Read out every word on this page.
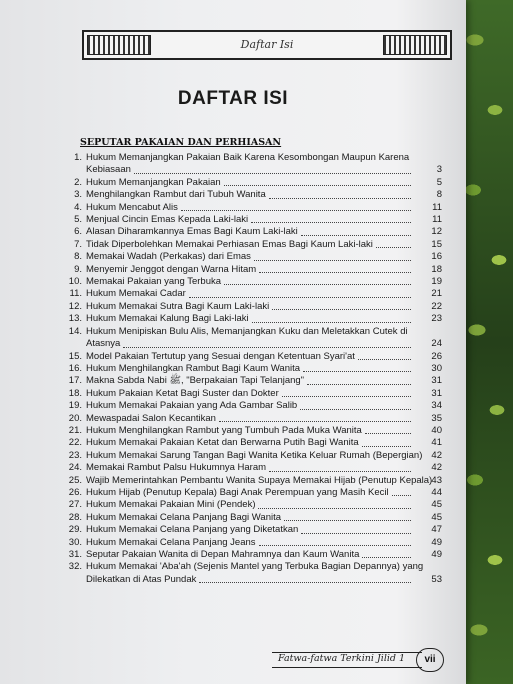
Daftar Isi
DAFTAR ISI
SEPUTAR PAKAIAN DAN PERHIASAN
1. Hukum Memanjangkan Pakaian Baik Karena Kesombongan Maupun Karena
Kebiasaan	3
2. Hukum Memanjangkan Pakaian	5
3. Menghilangkan Rambut dari Tubuh Wanita	8
4. Hukum Mencabut Alis	11
5. Menjual Cincin Emas Kepada Laki-laki	11
6. Alasan Diharamkannya Emas Bagi Kaum Laki-laki	12
7. Tidak Diperbolehkan Memakai Perhiasan Emas Bagi Kaum Laki-laki	15
8. Memakai Wadah (Perkakas) dari Emas	16
9. Menyemir Jenggot dengan Warna Hitam	18
10. Memakai Pakaian yang Terbuka	19
11. Hukum Memakai Cadar	21
12. Hukum Memakai Sutra Bagi Kaum Laki-laki	22
13. Hukum Memakai Kalung Bagi Laki-laki	23
14. Hukum Menipiskan Bulu Alis, Memanjangkan Kuku dan Meletakkan Cutek di
Atasnya	24
15. Model Pakaian Tertutup yang Sesuai dengan Ketentuan Syari'at	26
16. Hukum Menghilangkan Rambut Bagi Kaum Wanita	30
17. Makna Sabda Nabi ﷺ, "Berpakaian Tapi Telanjang"	31
18. Hukum Pakaian Ketat Bagi Suster dan Dokter	31
19. Hukum Memakai Pakaian yang Ada Gambar Salib	34
20. Mewaspadai Salon Kecantikan	35
21. Hukum Menghilangkan Rambut yang Tumbuh Pada Muka Wanita	40
22. Hukum Memakai Pakaian Ketat dan Berwarna Putih Bagi Wanita	41
23. Hukum Memakai Sarung Tangan Bagi Wanita Ketika Keluar Rumah (Bepergian) 42
24. Memakai Rambut Palsu Hukumnya Haram	42
25. Wajib Memerintahkan Pembantu Wanita Supaya Memakai Hijab (Penutup Kepala) 43
26. Hukum Hijab (Penutup Kepala) Bagi Anak Perempuan yang Masih Kecil	44
27. Hukum Memakai Pakaian Mini (Pendek)	45
28. Hukum Memakai Celana Panjang Bagi Wanita	45
29. Hukum Memakai Celana Panjang yang Diketatkan	47
30. Hukum Memakai Celana Panjang Jeans	49
31. Seputar Pakaian Wanita di Depan Mahramnya dan Kaum Wanita	49
32. Hukum Memakai 'Aba'ah (Sejenis Mantel yang Terbuka Bagian Depannya) yang
Dilekatkan di Atas Pundak	53
Fatwa-fatwa Terkini Jilid 1	vii
